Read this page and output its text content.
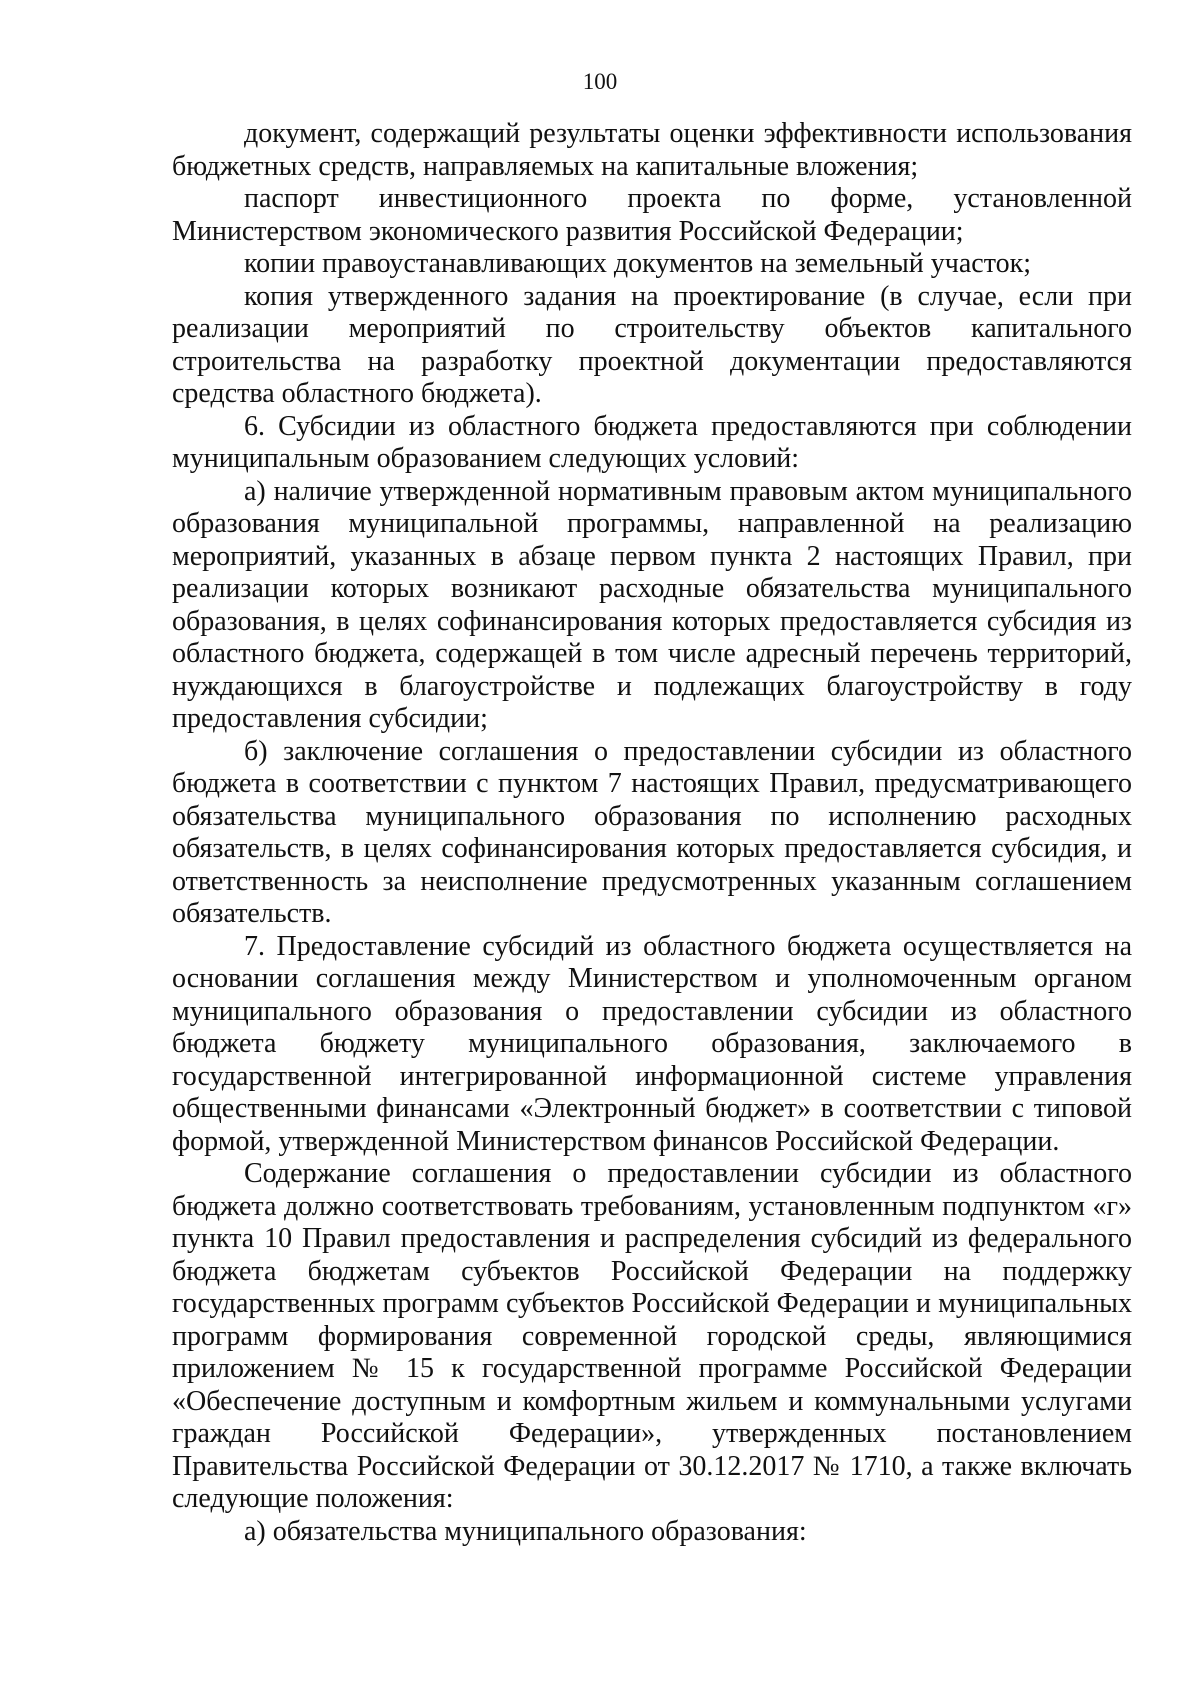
100

документ, содержащий результаты оценки эффективности использования бюджетных средств, направляемых на капитальные вложения;

паспорт инвестиционного проекта по форме, установленной Министерством экономического развития Российской Федерации;

копии правоустанавливающих документов на земельный участок;

копия утвержденного задания на проектирование (в случае, если при реализации мероприятий по строительству объектов капитального строительства на разработку проектной документации предоставляются средства областного бюджета).

6. Субсидии из областного бюджета предоставляются при соблюдении муниципальным образованием следующих условий:

а) наличие утвержденной нормативным правовым актом муниципального образования муниципальной программы, направленной на реализацию мероприятий, указанных в абзаце первом пункта 2 настоящих Правил, при реализации которых возникают расходные обязательства муниципального образования, в целях софинансирования которых предоставляется субсидия из областного бюджета, содержащей в том числе адресный перечень территорий, нуждающихся в благоустройстве и подлежащих благоустройству в году предоставления субсидии;

б) заключение соглашения о предоставлении субсидии из областного бюджета в соответствии с пунктом 7 настоящих Правил, предусматривающего обязательства муниципального образования по исполнению расходных обязательств, в целях софинансирования которых предоставляется субсидия, и ответственность за неисполнение предусмотренных указанным соглашением обязательств.

7. Предоставление субсидий из областного бюджета осуществляется на основании соглашения между Министерством и уполномоченным органом муниципального образования о предоставлении субсидии из областного бюджета бюджету муниципального образования, заключаемого в государственной интегрированной информационной системе управления общественными финансами «Электронный бюджет» в соответствии с типовой формой, утвержденной Министерством финансов Российской Федерации.

Содержание соглашения о предоставлении субсидии из областного бюджета должно соответствовать требованиям, установленным подпунктом «г» пункта 10 Правил предоставления и распределения субсидий из федерального бюджета бюджетам субъектов Российской Федерации на поддержку государственных программ субъектов Российской Федерации и муниципальных программ формирования современной городской среды, являющимися приложением № 15 к государственной программе Российской Федерации «Обеспечение доступным и комфортным жильем и коммунальными услугами граждан Российской Федерации», утвержденных постановлением Правительства Российской Федерации от 30.12.2017 № 1710, а также включать следующие положения:

а) обязательства муниципального образования:
